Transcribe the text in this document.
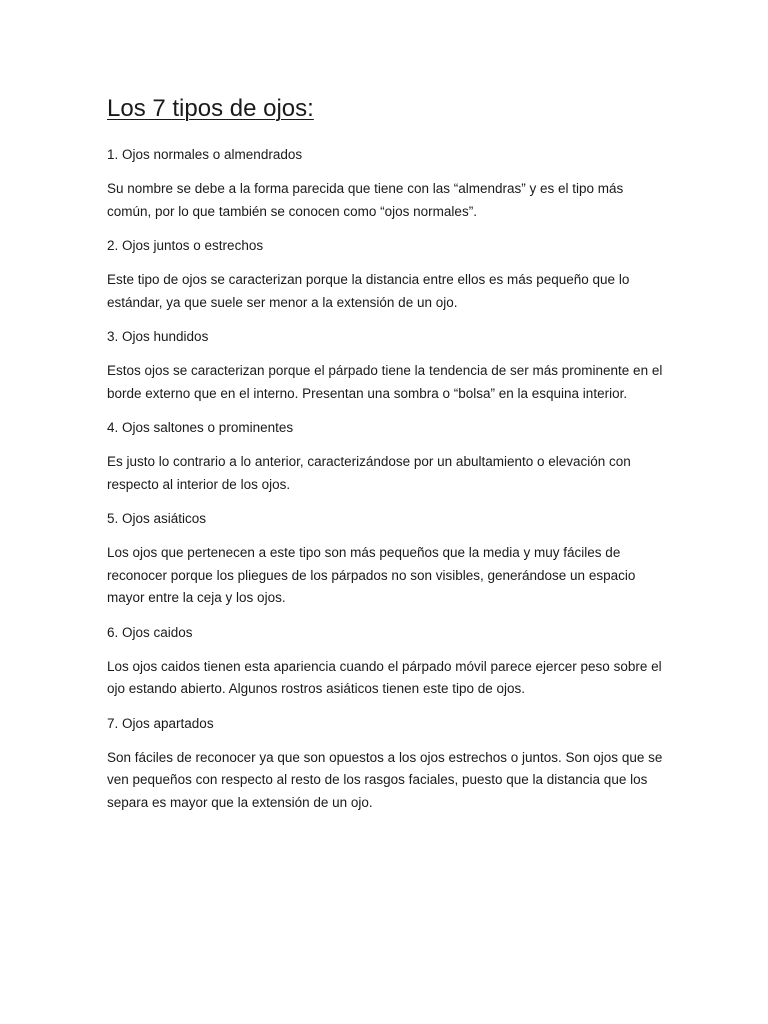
Los 7 tipos de ojos:

1. Ojos normales o almendrados

Su nombre se debe a la forma parecida que tiene con las “almendras” y es el tipo más común, por lo que también se conocen como “ojos normales”.

2. Ojos juntos o estrechos

Este tipo de ojos se caracterizan porque la distancia entre ellos es más pequeño que lo estándar, ya que suele ser menor a la extensión de un ojo.

3. Ojos hundidos

Estos ojos se caracterizan porque el párpado tiene la tendencia de ser más prominente en el borde externo que en el interno. Presentan una sombra o “bolsa” en la esquina interior.

4. Ojos saltones o prominentes

Es justo lo contrario a lo anterior, caracterizándose por un abultamiento o elevación con respecto al interior de los ojos.

5. Ojos asiáticos

Los ojos que pertenecen a este tipo son más pequeños que la media y muy fáciles de reconocer porque los pliegues de los párpados no son visibles, generándose un espacio mayor entre la ceja y los ojos.

6. Ojos caidos

Los ojos caidos tienen esta apariencia cuando el párpado móvil parece ejercer peso sobre el ojo estando abierto. Algunos rostros asiáticos tienen este tipo de ojos.

7. Ojos apartados

Son fáciles de reconocer ya que son opuestos a los ojos estrechos o juntos. Son ojos que se ven pequeños con respecto al resto de los rasgos faciales, puesto que la distancia que los separa es mayor que la extensión de un ojo.
